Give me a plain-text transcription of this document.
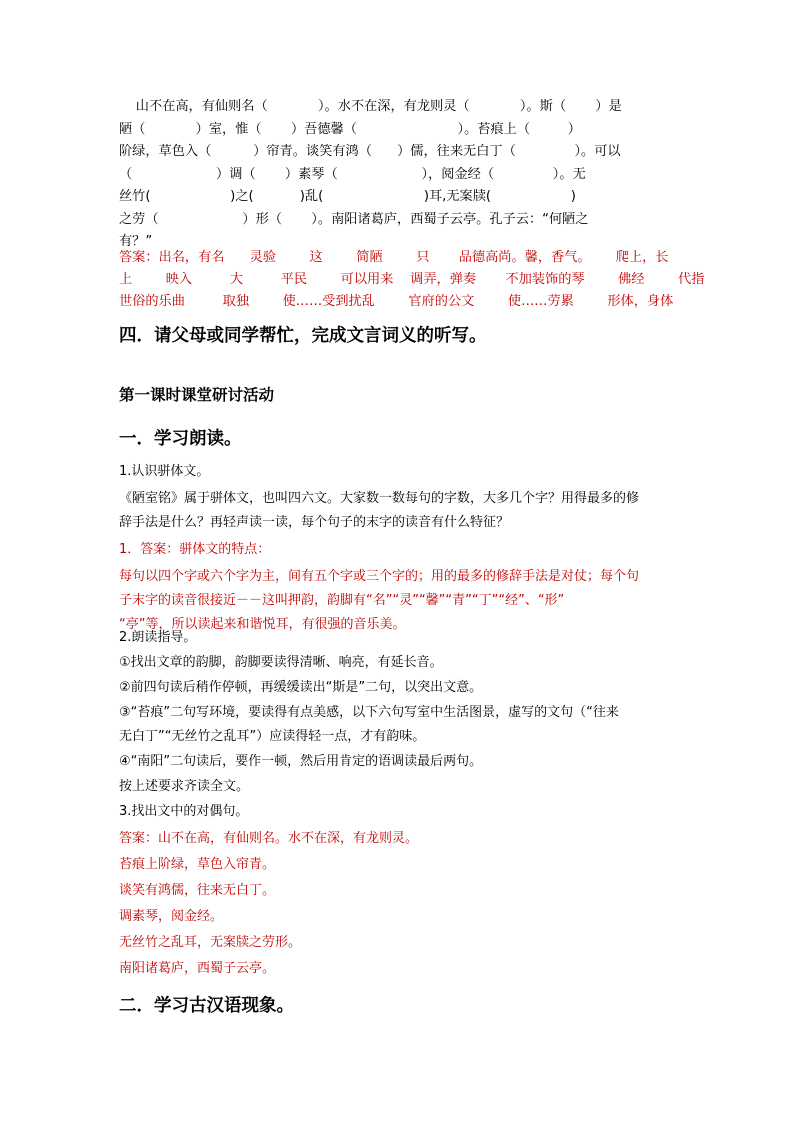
山不在高，有仙则名（            ）。水不在深，有龙则灵（            ）。斯（       ）是

陋（            ）室，惟（       ）吾德馨（                        ）。苔痕上（         ）

阶绿，草色入（          ）帘青。谈笑有鸿（      ）儒，往来无白丁（              ）。可以

（                    ）调（       ）素琴（                    ），阅金经（              ）。无

丝竹(                   )之(           )乱(                        )耳,无案牍(                   )

之劳（                    ）形（       ）。南阳诸葛庐，西蜀子云亭。孔子云：“何陋之

有？”

答案：出名，有名      灵验        这        简陋        只       品德高尚。馨，香气。      爬上，长

上        映入         大         平民        可以用来    调弄，弹奏       不加装饰的琴        佛经        代指

世俗的乐曲         取独        使……受到扰乱        官府的公文        使……劳累        形体，身体

四．请父母或同学帮忙，完成文言词义的听写。

第一课时课堂研讨活动

一．学习朗读。

1.认识骈体文。

《陋室铭》属于骈体文，也叫四六文。大家数一数每句的字数，大多几个字？用得最多的修

辞手法是什么？再轻声读一读，每个句子的末字的读音有什么特征？

1．答案：骈体文的特点：

每句以四个字或六个字为主，间有五个字或三个字的；用的最多的修辞手法是对仗；每个句

子末字的读音很接近－－这叫押韵，韵脚有“名”“灵”“馨”“青”“丁”“经”、“形”

“亭”等，所以读起来和谐悦耳，有很强的音乐美。

2.朗读指导。

①找出文章的韵脚，韵脚要读得清晰、响亮，有延长音。

②前四句读后稍作停顿，再缓缓读出“斯是”二句，以突出文意。

③“苔痕”二句写环境，要读得有点美感，以下六句写室中生活图景，虚写的文句（“往来

无白丁”“无丝竹之乱耳”）应读得轻一点，才有韵味。

④“南阳”二句读后，要作一顿，然后用肯定的语调读最后两句。

按上述要求齐读全文。

3.找出文中的对偶句。

答案：山不在高，有仙则名。水不在深，有龙则灵。

苔痕上阶绿，草色入帘青。

谈笑有鸿儒，往来无白丁。

调素琴，阅金经。

无丝竹之乱耳，无案牍之劳形。

南阳诸葛庐，西蜀子云亭。

二．学习古汉语现象。
